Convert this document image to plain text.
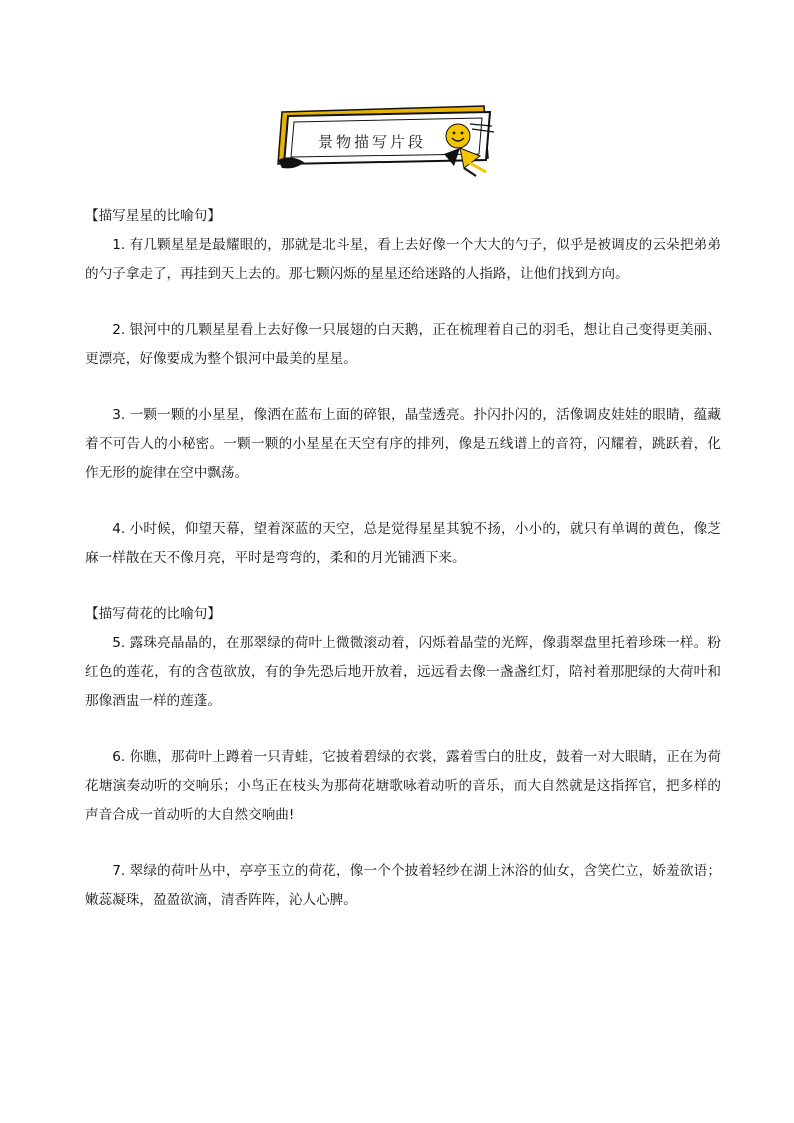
景物描写片段

【描写星星的比喻句】

1. 有几颗星星是最耀眼的，那就是北斗星，看上去好像一个大大的勺子，似乎是被调皮的云朵把弟弟的勺子拿走了，再挂到天上去的。那七颗闪烁的星星还给迷路的人指路，让他们找到方向。

2. 银河中的几颗星星看上去好像一只展翅的白天鹅，正在梳理着自己的羽毛，想让自己变得更美丽、更漂亮，好像要成为整个银河中最美的星星。

3. 一颗一颗的小星星，像洒在蓝布上面的碎银，晶莹透亮。扑闪扑闪的，活像调皮娃娃的眼睛，蕴藏着不可告人的小秘密。一颗一颗的小星星在天空有序的排列，像是五线谱上的音符，闪耀着，跳跃着，化作无形的旋律在空中飘荡。

4. 小时候，仰望天幕，望着深蓝的天空，总是觉得星星其貌不扬，小小的，就只有单调的黄色，像芝麻一样散在天不像月亮，平时是弯弯的，柔和的月光铺洒下来。

【描写荷花的比喻句】

5. 露珠亮晶晶的，在那翠绿的荷叶上微微滚动着，闪烁着晶莹的光辉，像翡翠盘里托着珍珠一样。粉红色的莲花，有的含苞欲放，有的争先恐后地开放着，远远看去像一盏盏红灯，陪衬着那肥绿的大荷叶和那像酒盅一样的莲蓬。

6. 你瞧，那荷叶上蹲着一只青蛙，它披着碧绿的衣裳，露着雪白的肚皮，鼓着一对大眼睛，正在为荷花塘演奏动听的交响乐；小鸟正在枝头为那荷花塘歌咏着动听的音乐，而大自然就是这指挥官，把多样的声音合成一首动听的大自然交响曲!

7. 翠绿的荷叶丛中，亭亭玉立的荷花，像一个个披着轻纱在湖上沐浴的仙女，含笑伫立，娇羞欲语；嫩蕊凝珠，盈盈欲滴，清香阵阵，沁人心脾。
